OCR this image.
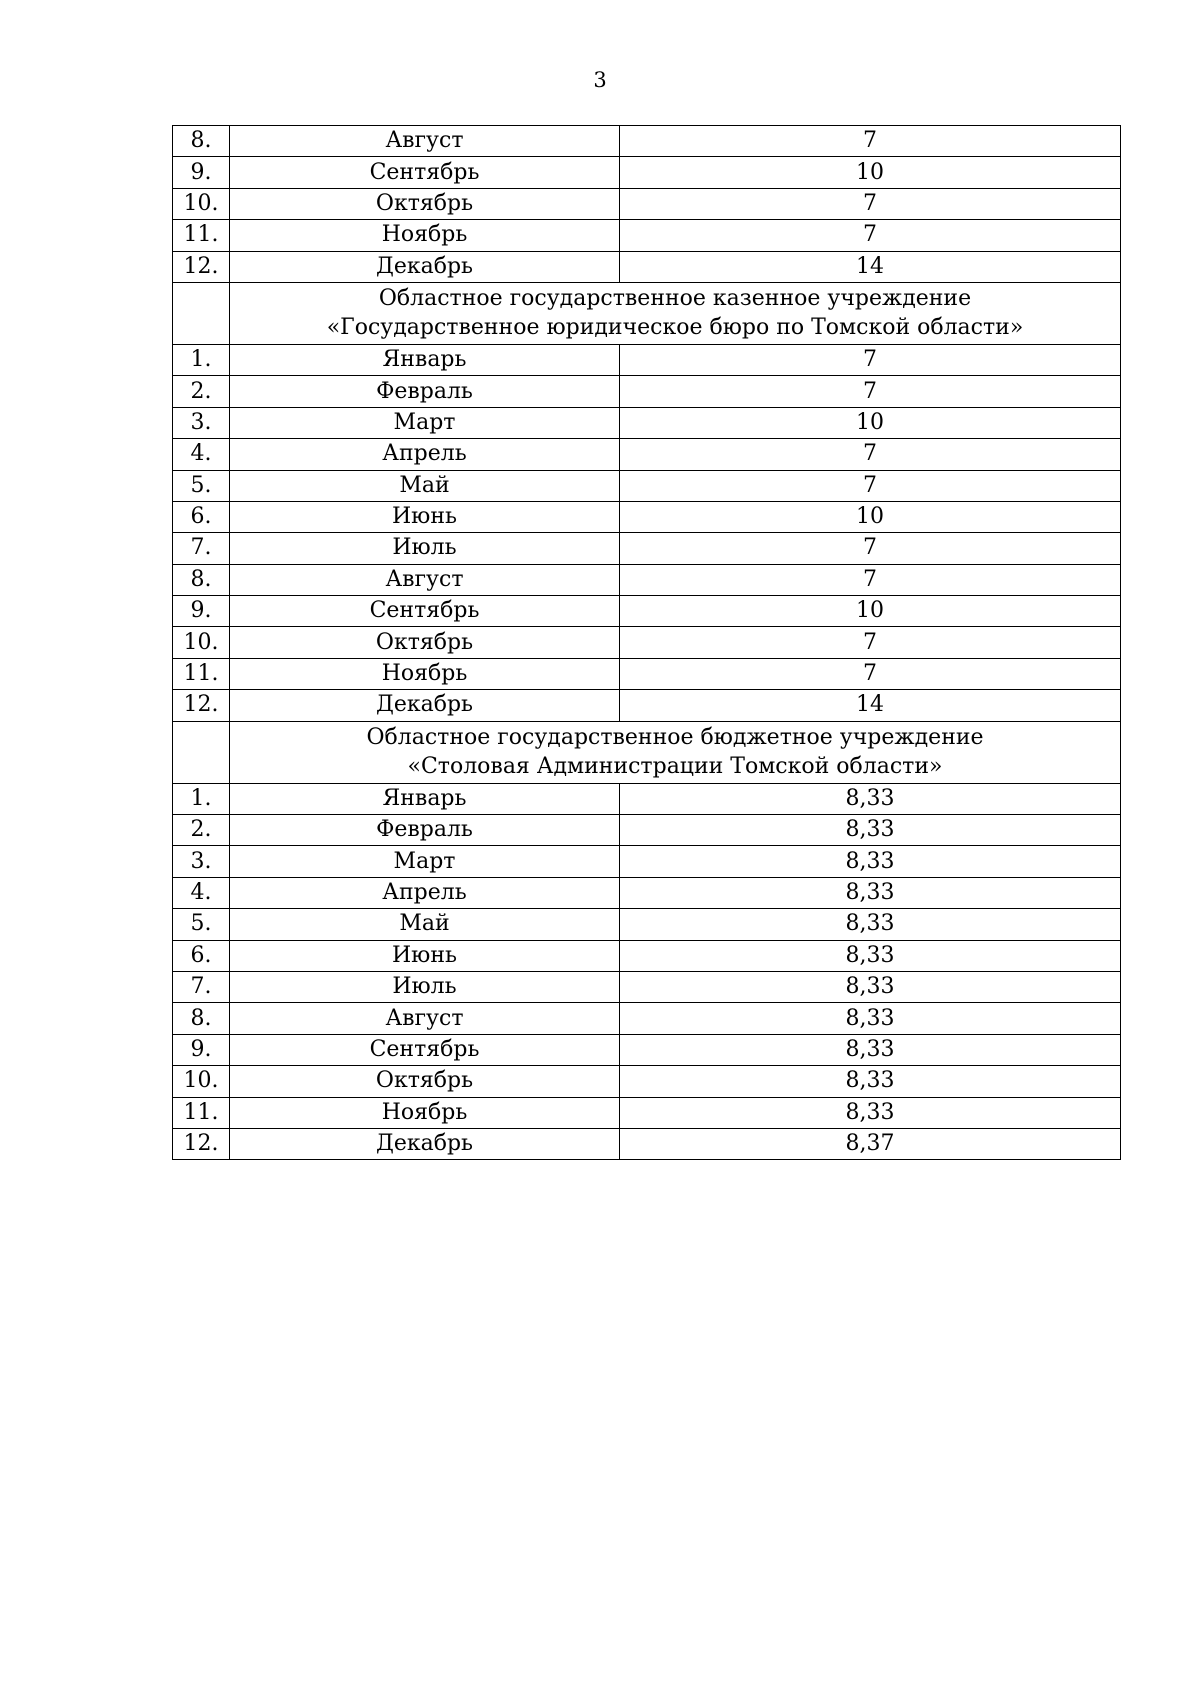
3
8.	Август	7
9.	Сентябрь	10
10.	Октябрь	7
11.	Ноябрь	7
12.	Декабрь	14

	Областное государственное казенное учреждение
«Государственное юридическое бюро по Томской области»	

1.	Январь	7
2.	Февраль	7
3.	Март	10
4.	Апрель	7
5.	Май	7
6.	Июнь	10
7.	Июль	7
8.	Август	7
9.	Сентябрь	10
10.	Октябрь	7
11.	Ноябрь	7
12.	Декабрь	14

	Областное государственное бюджетное учреждение
«Столовая Администрации Томской области»	

1.	Январь	8,33
2.	Февраль	8,33
3.	Март	8,33
4.	Апрель	8,33
5.	Май	8,33
6.	Июнь	8,33
7.	Июль	8,33
8.	Август	8,33
9.	Сентябрь	8,33
10.	Октябрь	8,33
11.	Ноябрь	8,33
12.	Декабрь	8,37
